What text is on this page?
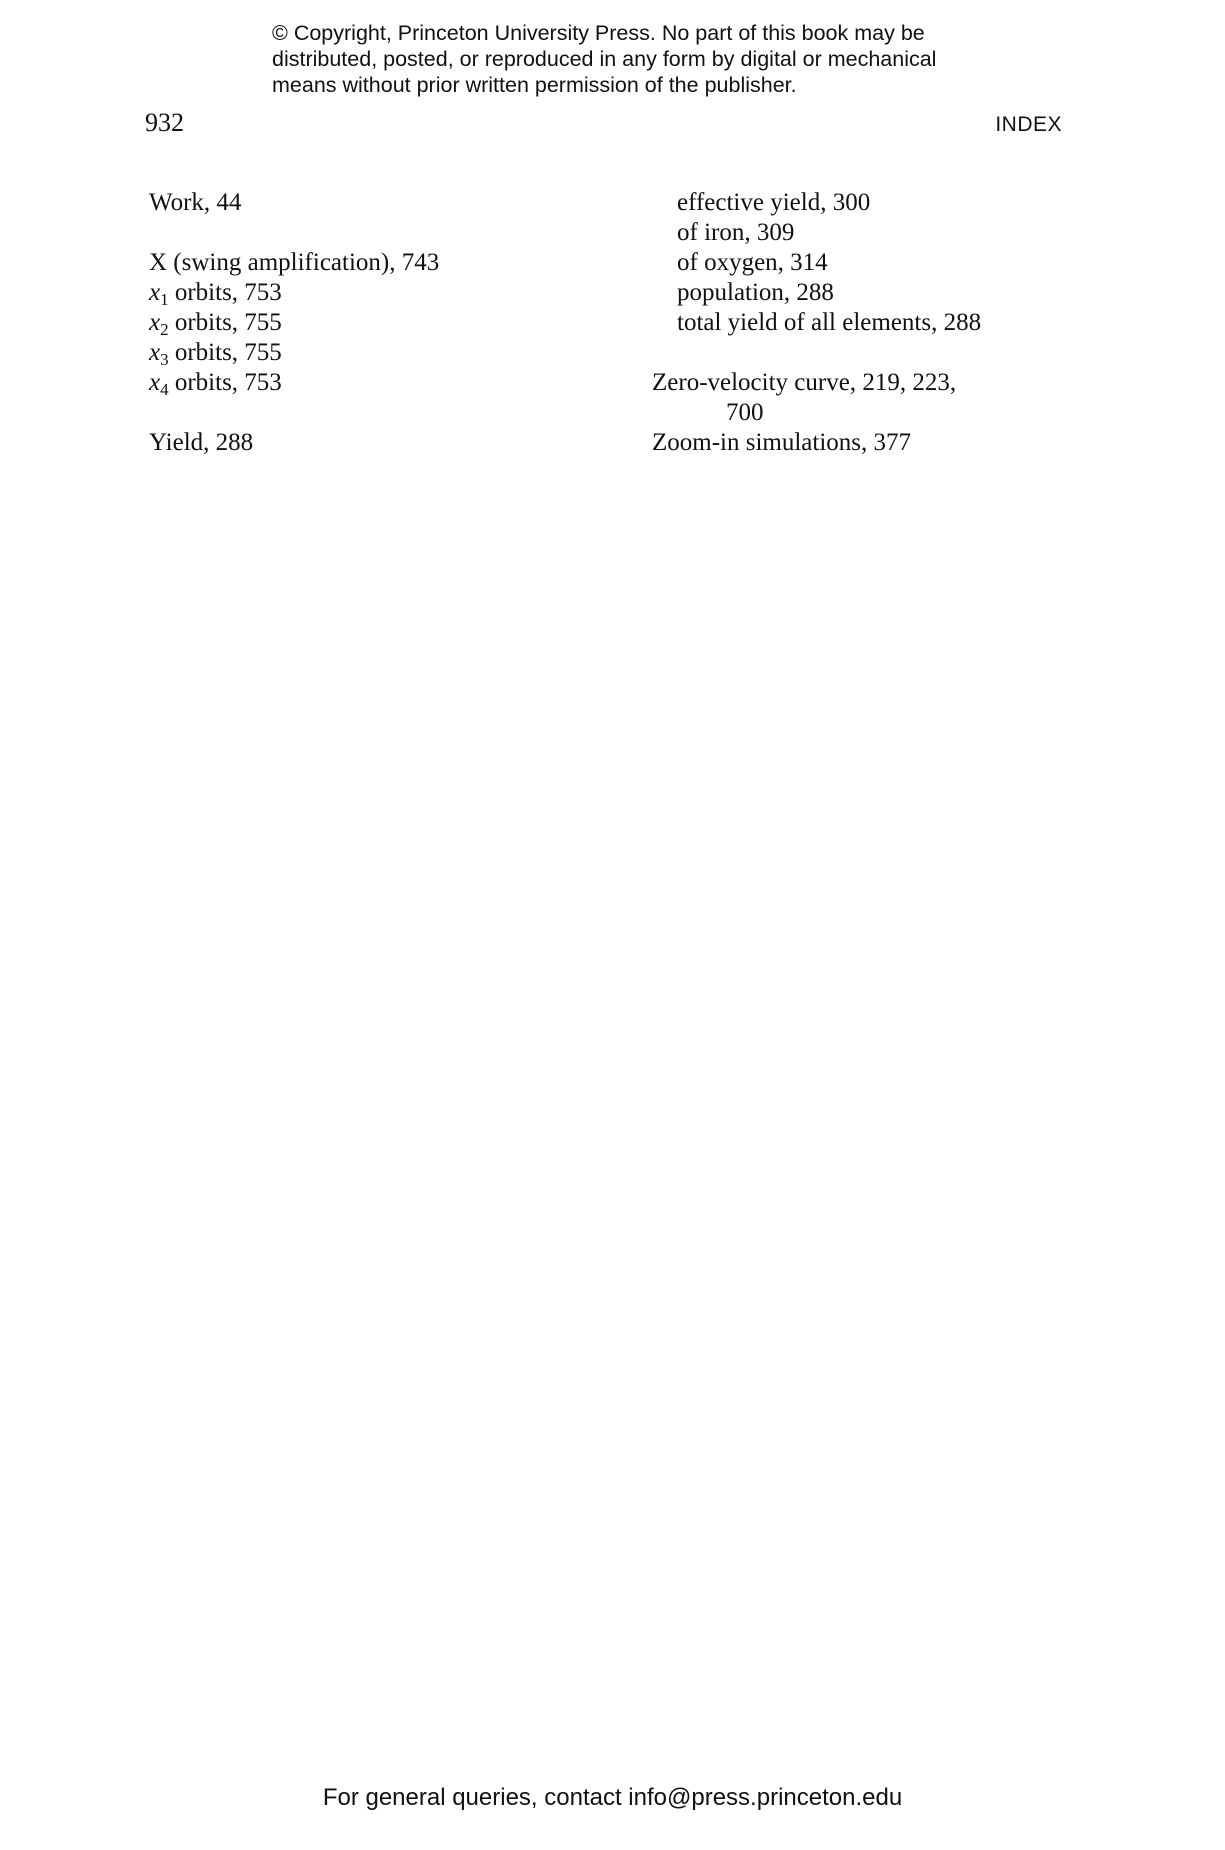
© Copyright, Princeton University Press. No part of this book may be
distributed, posted, or reproduced in any form by digital or mechanical
means without prior written permission of the publisher.
932	INDEX
Work, 44
X (swing amplification), 743
$x_1$ orbits, 753
$x_2$ orbits, 755
$x_3$ orbits, 755
$x_4$ orbits, 753
Yield, 288
effective yield, 300
of iron, 309
of oxygen, 314
population, 288
total yield of all elements, 288
Zero-velocity curve, 219, 223,
700
Zoom-in simulations, 377
For general queries, contact info@press.princeton.edu
